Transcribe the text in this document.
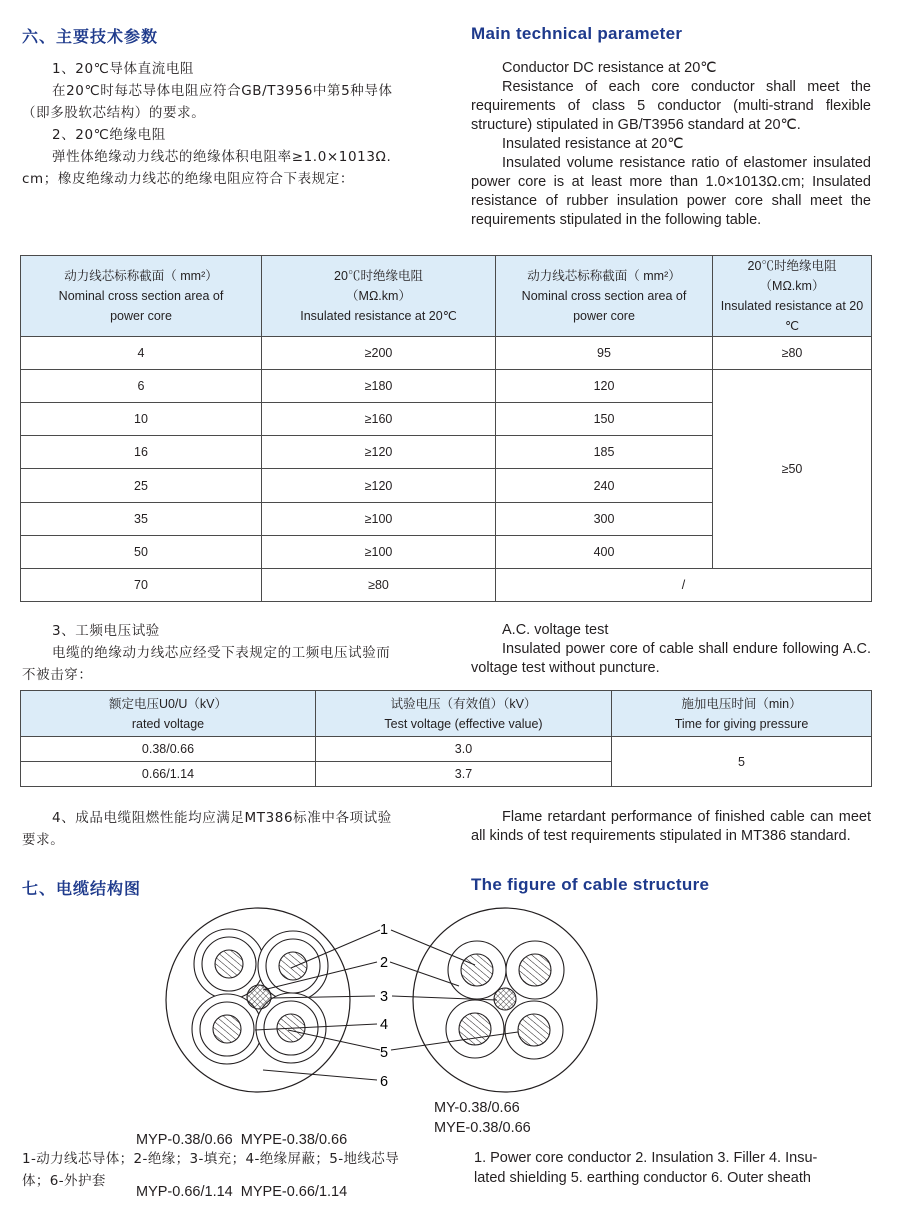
六、主要技术参数	Main technical parameter
1、20℃导体直流电阻
在20℃时每芯导体电阻应符合GB/T3956中第5种导体
（即多股软芯结构）的要求。
2、20℃绝缘电阻
弹性体绝缘动力线芯的绝缘体积电阻率≥1.0×1013Ω.
cm；橡皮绝缘动力线芯的绝缘电阻应符合下表规定：
Conductor DC resistance at 20℃
Resistance of each core conductor shall meet the requirements of class 5 conductor (multi-strand flexible structure) stipulated in GB/T3956 standard at 20℃.
Insulated resistance at 20℃
Insulated volume resistance ratio of elastomer insulated power core is at least more than 1.0×1013Ω.cm; Insulated resistance of rubber insulation power core shall meet the requirements stipulated in the following table.
动力线芯标称截面（ mm²）
Nominal cross section area of
power core	20℃时绝缘电阻
（MΩ.km）
Insulated resistance at 20℃	动力线芯标称截面（ mm²）
Nominal cross section area of
power core	20℃时绝缘电阻
（MΩ.km）
Insulated resistance at 20
℃

4	≥200	95	≥80
6	≥180	120	≥50
10	≥160	150	
16	≥120	185	
25	≥120	240	
35	≥100	300	
50	≥100	400	
70	≥80	/	
3、工频电压试验
电缆的绝缘动力线芯应经受下表规定的工频电压试验而
不被击穿：
A.C. voltage test
Insulated power core of cable shall endure following A.C. voltage test without puncture.
额定电压U0/U（kV）
rated voltage	试验电压（有效值）（kV）
Test voltage (effective value)	施加电压时间（min）
Time for giving pressure

0.38/0.66	3.0	5
0.66/1.14	3.7	
4、成品电缆阻燃性能均应满足MT386标准中各项试验
要求。
Flame retardant performance of finished cable can meet all kinds of test requirements stipulated in MT386 standard.
七、电缆结构图	The figure of cable structure
1
2
3
4
5
6

MYP-0.38/0.66  MYPE-0.38/0.66

MYP-0.66/1.14  MYPE-0.66/1.14

MY-0.38/0.66
MYE-0.38/0.66
1-动力线芯导体；2-绝缘；3-填充；4-绝缘屏蔽；5-地线芯导
体；6-外护套
1. Power core conductor 2. Insulation 3. Filler 4. Insu-
lated shielding 5. earthing conductor 6. Outer sheath
